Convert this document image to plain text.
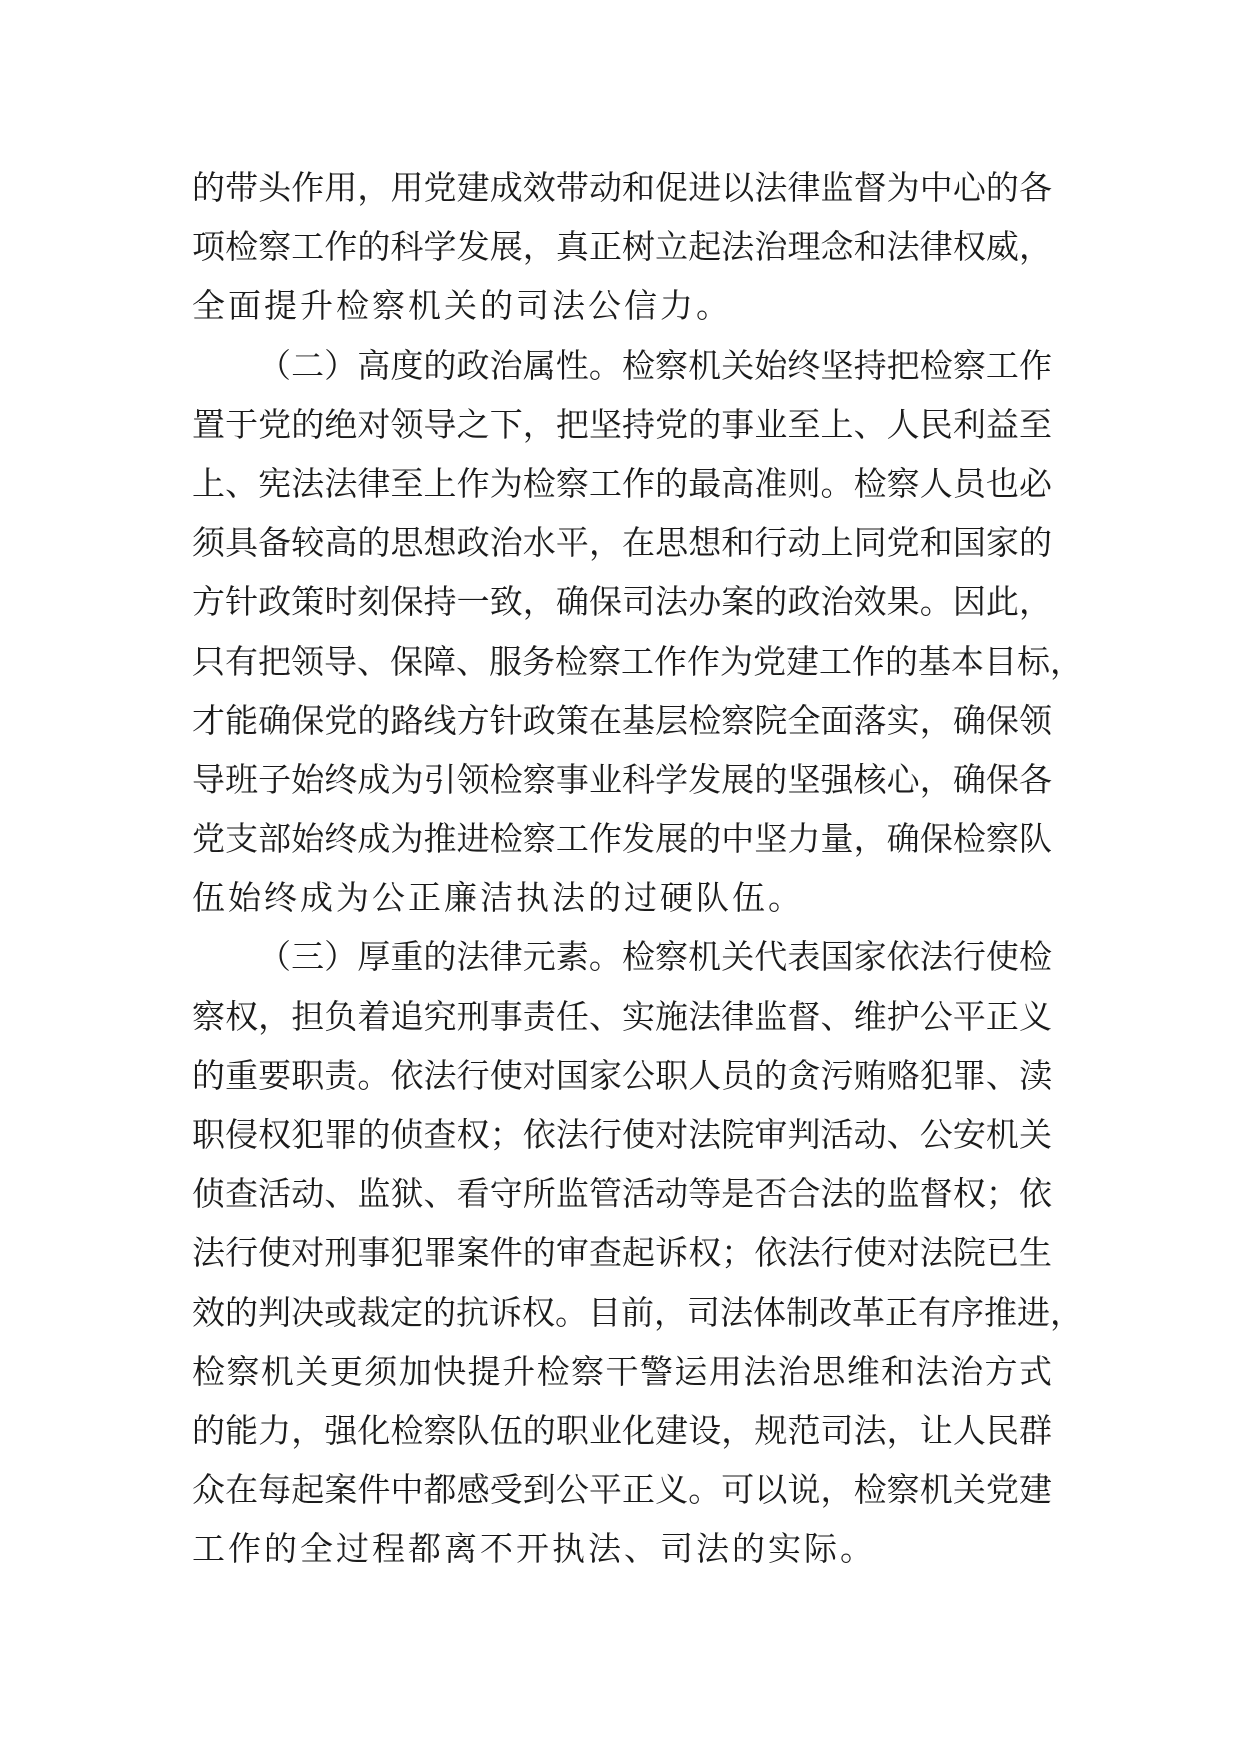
的带头作用，用党建成效带动和促进以法律监督为中心的各
项检察工作的科学发展，真正树立起法治理念和法律权威，
全面提升检察机关的司法公信力。
（二）高度的政治属性。检察机关始终坚持把检察工作
置于党的绝对领导之下，把坚持党的事业至上、人民利益至
上、宪法法律至上作为检察工作的最高准则。检察人员也必
须具备较高的思想政治水平，在思想和行动上同党和国家的
方针政策时刻保持一致，确保司法办案的政治效果。因此，
只有把领导、保障、服务检察工作作为党建工作的基本目标，
才能确保党的路线方针政策在基层检察院全面落实，确保领
导班子始终成为引领检察事业科学发展的坚强核心，确保各
党支部始终成为推进检察工作发展的中坚力量，确保检察队
伍始终成为公正廉洁执法的过硬队伍。
（三）厚重的法律元素。检察机关代表国家依法行使检
察权，担负着追究刑事责任、实施法律监督、维护公平正义
的重要职责。依法行使对国家公职人员的贪污贿赂犯罪、渎
职侵权犯罪的侦查权；依法行使对法院审判活动、公安机关
侦查活动、监狱、看守所监管活动等是否合法的监督权；依
法行使对刑事犯罪案件的审查起诉权；依法行使对法院已生
效的判决或裁定的抗诉权。目前，司法体制改革正有序推进，
检察机关更须加快提升检察干警运用法治思维和法治方式
的能力，强化检察队伍的职业化建设，规范司法，让人民群
众在每起案件中都感受到公平正义。可以说，检察机关党建
工作的全过程都离不开执法、司法的实际。
